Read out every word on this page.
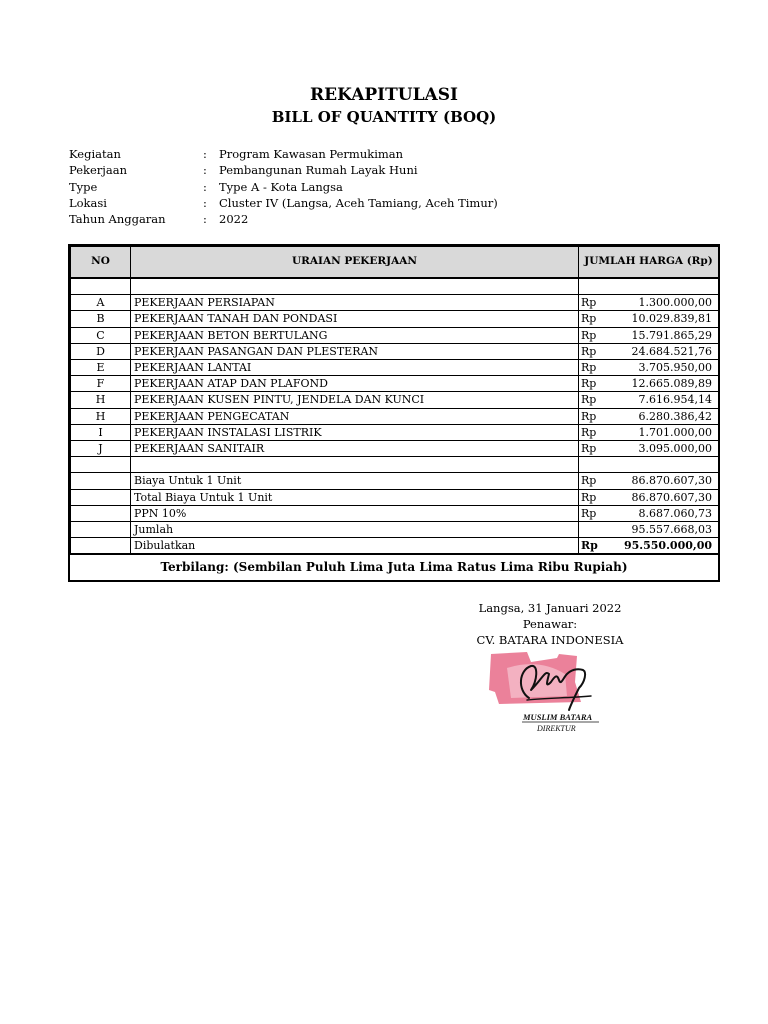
REKAPITULASI
BILL OF QUANTITY (BOQ)
Kegiatan	: Program Kawasan Permukiman
Pekerjaan	: Pembangunan Rumah Layak Huni
Type	: Type A - Kota Langsa
Lokasi	: Cluster IV (Langsa, Aceh Tamiang, Aceh Timur)
Tahun Anggaran	: 2022
NO	URAIAN PEKERJAAN	JUMLAH HARGA (Rp)	

A	PEKERJAAN PERSIAPAN	Rp	1.300.000,00
B	PEKERJAAN TANAH DAN PONDASI	Rp	10.029.839,81
C	PEKERJAAN BETON BERTULANG	Rp	15.791.865,29
D	PEKERJAAN PASANGAN DAN PLESTERAN	Rp	24.684.521,76
E	PEKERJAAN LANTAI	Rp	3.705.950,00
F	PEKERJAAN ATAP DAN PLAFOND	Rp	12.665.089,89
H	PEKERJAAN KUSEN PINTU, JENDELA DAN KUNCI	Rp	7.616.954,14
H	PEKERJAAN PENGECATAN	Rp	6.280.386,42
I	PEKERJAAN INSTALASI LISTRIK	Rp	1.701.000,00
J	PEKERJAAN SANITAIR	Rp	3.095.000,00

	Biaya Untuk 1 Unit	Rp	86.870.607,30
	Total Biaya Untuk 1 Unit	Rp	86.870.607,30
	PPN 10%	Rp	8.687.060,73
	Jumlah		95.557.668,03
	Dibulatkan	Rp	95.550.000,00
Terbilang: (Sembilan Puluh Lima Juta Lima Ratus Lima Ribu Rupiah)
Langsa, 31 Januari 2022
Penawar:
CV. BATARA INDONESIA
MUSLIM BATARA
DIREKTUR
